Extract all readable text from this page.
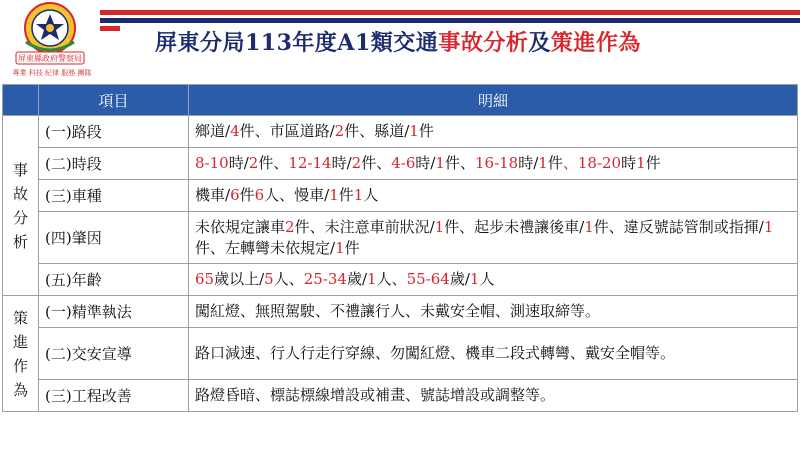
屏東縣政府警察局
專業 科技 紀律 服務 團隊
屏東分局113年度A1類交通事故分析及策進作為
	項目	明細

事
故
分
析	(一)路段	鄉道/4件、市區道路/2件、縣道/1件
	(二)時段	8-10時/2件、12-14時/2件、4-6時/1件、16-18時/1件、18-20時1件
	(三)車種	機車/6件6人、慢車/1件1人
	(四)肇因	未依規定讓車2件、未注意車前狀況/1件、起步未禮讓後車/1件、違反號誌管制或指揮/1件、左轉彎未依規定/1件
	(五)年齡	65歲以上/5人、25-34歲/1人、55-64歲/1人

策
進
作
為	(一)精準執法	闖紅燈、無照駕駛、不禮讓行人、未戴安全帽、測速取締等。
	(二)交安宣導	路口減速、行人行走行穿線、勿闖紅燈、機車二段式轉彎、戴安全帽等。
	(三)工程改善	路燈昏暗、標誌標線增設或補畫、號誌增設或調整等。
